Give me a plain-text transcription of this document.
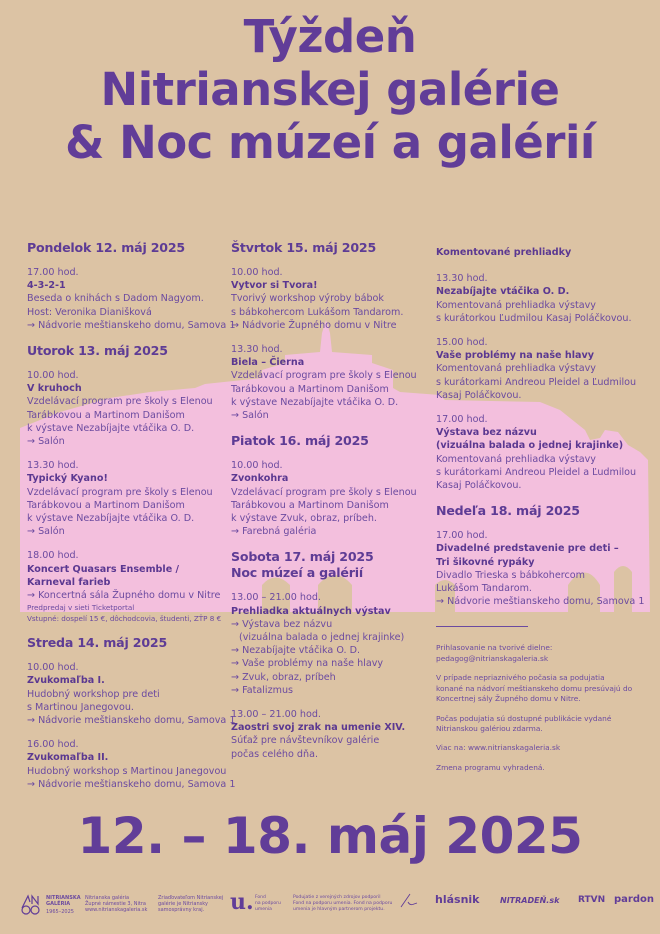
Týždeň
Nitrianskej galérie
& Noc múzeí a galérií
Pondelok 12. máj 2025
17.00 hod.
4-3-2-1
Beseda o knihách s Dadom Nagyom.
Host: Veronika Dianišková
→ Nádvorie meštianskeho domu, Samova 1
Utorok 13. máj 2025
10.00 hod.
V kruhoch
Vzdelávací program pre školy s Elenou
Tarábkovou a Martinom Danišom
k výstave Nezabíjajte vtáčika O. D.
→ Salón
13.30 hod.
Typický Kyano!
Vzdelávací program pre školy s Elenou
Tarábkovou a Martinom Danišom
k výstave Nezabíjajte vtáčika O. D.
→ Salón
18.00 hod.
Koncert Quasars Ensemble /
Karneval farieb
→ Koncertná sála Župného domu v Nitre
Predpredaj v sieti Ticketportal
Vstupné: dospelí 15 €, dôchodcovia, študenti, ZŤP 8 €
Streda 14. máj 2025
10.00 hod.
Zvukomaľba I.
Hudobný workshop pre deti
s Martinou Janegovou.
→ Nádvorie meštianskeho domu, Samova 1
16.00 hod.
Zvukomaľba II.
Hudobný workshop s Martinou Janegovou
→ Nádvorie meštianskeho domu, Samova 1
Štvrtok 15. máj 2025
10.00 hod.
Vytvor si Tvora!
Tvorivý workshop výroby bábok
s bábkohercom Lukášom Tandarom.
→ Nádvorie Župného domu v Nitre
13.30 hod.
Biela – Čierna
Vzdelávací program pre školy s Elenou
Tarábkovou a Martinom Danišom
k výstave Nezabíjajte vtáčika O. D.
→ Salón
Piatok 16. máj 2025
10.00 hod.
Zvonkohra
Vzdelávací program pre školy s Elenou
Tarábkovou a Martinom Danišom
k výstave Zvuk, obraz, príbeh.
→ Farebná galéria
Sobota 17. máj 2025
Noc múzeí a galérií
13.00 – 21.00 hod.
Prehliadka aktuálnych výstav
→ Výstava bez názvu
(vizuálna balada o jednej krajinke)
→ Nezabíjajte vtáčika O. D.
→ Vaše problémy na naše hlavy
→ Zvuk, obraz, príbeh
→ Fatalizmus
13.00 – 21.00 hod.
Zaostri svoj zrak na umenie XIV.
Súťaž pre návštevníkov galérie
počas celého dňa.
Komentované prehliadky
13.30 hod.
Nezabíjajte vtáčika O. D.
Komentovaná prehliadka výstavy
s kurátorkou Ľudmilou Kasaj Poláčkovou.
15.00 hod.
Vaše problémy na naše hlavy
Komentovaná prehliadka výstavy
s kurátorkami Andreou Pleidel a Ľudmilou
Kasaj Poláčkovou.
17.00 hod.
Výstava bez názvu
(vizuálna balada o jednej krajinke)
Komentovaná prehliadka výstavy
s kurátorkami Andreou Pleidel a Ľudmilou
Kasaj Poláčkovou.
Nedeľa 18. máj 2025
17.00 hod.
Divadelné predstavenie pre deti –
Tri šikovné rypáky
Divadlo Trieska s bábkohercom
Lukášom Tandarom.
→ Nádvorie meštianskeho domu, Samova 1
Prihlasovanie na tvorivé dielne:
pedagog@nitrianskagaleria.sk
V prípade nepriaznivého počasia sa podujatia
konané na nádvorí meštianskeho domu presúvajú do
Koncertnej sály Župného domu v Nitre.
Počas podujatia sú dostupné publikácie vydané
Nitrianskou galériou zdarma.
Viac na: www.nitrianskagaleria.sk
Zmena programu vyhradená.
12. – 18. máj 2025
NITRIANSKA
GALÉRIA
1965–2025
Nitrianska galéria
Župné námestie 3, Nitra
www.nitrianskagaleria.sk
Zriaďovateľom Nitrianskej
galérie je Nitriansky
samosprávny kraj.	u. Fond
na podporu
umenia
Podujatie z verejných zdrojov podporil
Fond na podporu umenia. Fond na podporu
umenia je hlavným partnerom projektu.
hlásnik	NITRADEŇ.sk RTVN pardon
